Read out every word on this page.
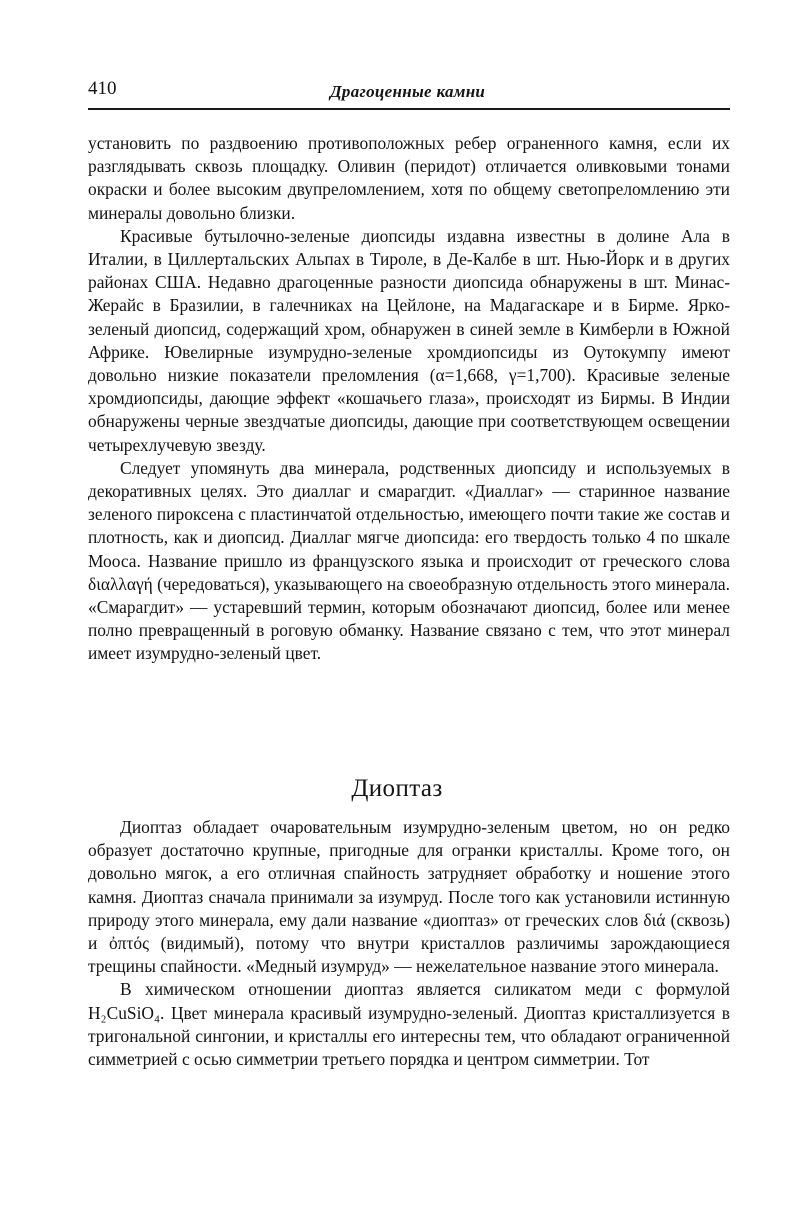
410	Драгоценные камни

установить по раздвоению противоположных ребер ограненного камня, если их разглядывать сквозь площадку. Оливин (перидот) отличается оливковыми тонами окраски и более высоким двупреломлением, хотя по общему светопреломлению эти минералы довольно близки.

Красивые бутылочно-зеленые диопсиды издавна известны в долине Ала в Италии, в Циллертальских Альпах в Тироле, в Де-Калбе в шт. Нью-Йорк и в других районах США. Недавно драгоценные разности диопсида обнаружены в шт. Минас-Жерайс в Бразилии, в галечниках на Цейлоне, на Мадагаскаре и в Бирме. Ярко-зеленый диопсид, содержащий хром, обнаружен в синей земле в Кимберли в Южной Африке. Ювелирные изумрудно-зеленые хромдиопсиды из Оутокумпу имеют довольно низкие показатели преломления (α=1,668, γ=1,700). Красивые зеленые хромдиопсиды, дающие эффект «кошачьего глаза», происходят из Бирмы. В Индии обнаружены черные звездчатые диопсиды, дающие при соответствующем освещении четырехлучевую звезду.

Следует упомянуть два минерала, родственных диопсиду и используемых в декоративных целях. Это диаллаг и смарагдит. «Диаллаг» — старинное название зеленого пироксена с пластинчатой отдельностью, имеющего почти такие же состав и плотность, как и диопсид. Диаллаг мягче диопсида: его твердость только 4 по шкале Мооса. Название пришло из французского языка и происходит от греческого слова διαλλαγή (чередоваться), указывающего на своеобразную отдельность этого минерала. «Смарагдит» — устаревший термин, которым обозначают диопсид, более или менее полно превращенный в роговую обманку. Название связано с тем, что этот минерал имеет изумрудно-зеленый цвет.

Диоптаз

Диоптаз обладает очаровательным изумрудно-зеленым цветом, но он редко образует достаточно крупные, пригодные для огранки кристаллы. Кроме того, он довольно мягок, а его отличная спайность затрудняет обработку и ношение этого камня. Диоптаз сначала принимали за изумруд. После того как установили истинную природу этого минерала, ему дали название «диоптаз» от греческих слов διά (сквозь) и ὀπτός (видимый), потому что внутри кристаллов различимы зарождающиеся трещины спайности. «Медный изумруд» — нежелательное название этого минерала.

В химическом отношении диоптаз является силикатом меди с формулой H₂CuSiO₄. Цвет минерала красивый изумрудно-зеленый. Диоптаз кристаллизуется в тригональной сингонии, и кристаллы его интересны тем, что обладают ограниченной симметрией с осью симметрии третьего порядка и центром симметрии. Тот
